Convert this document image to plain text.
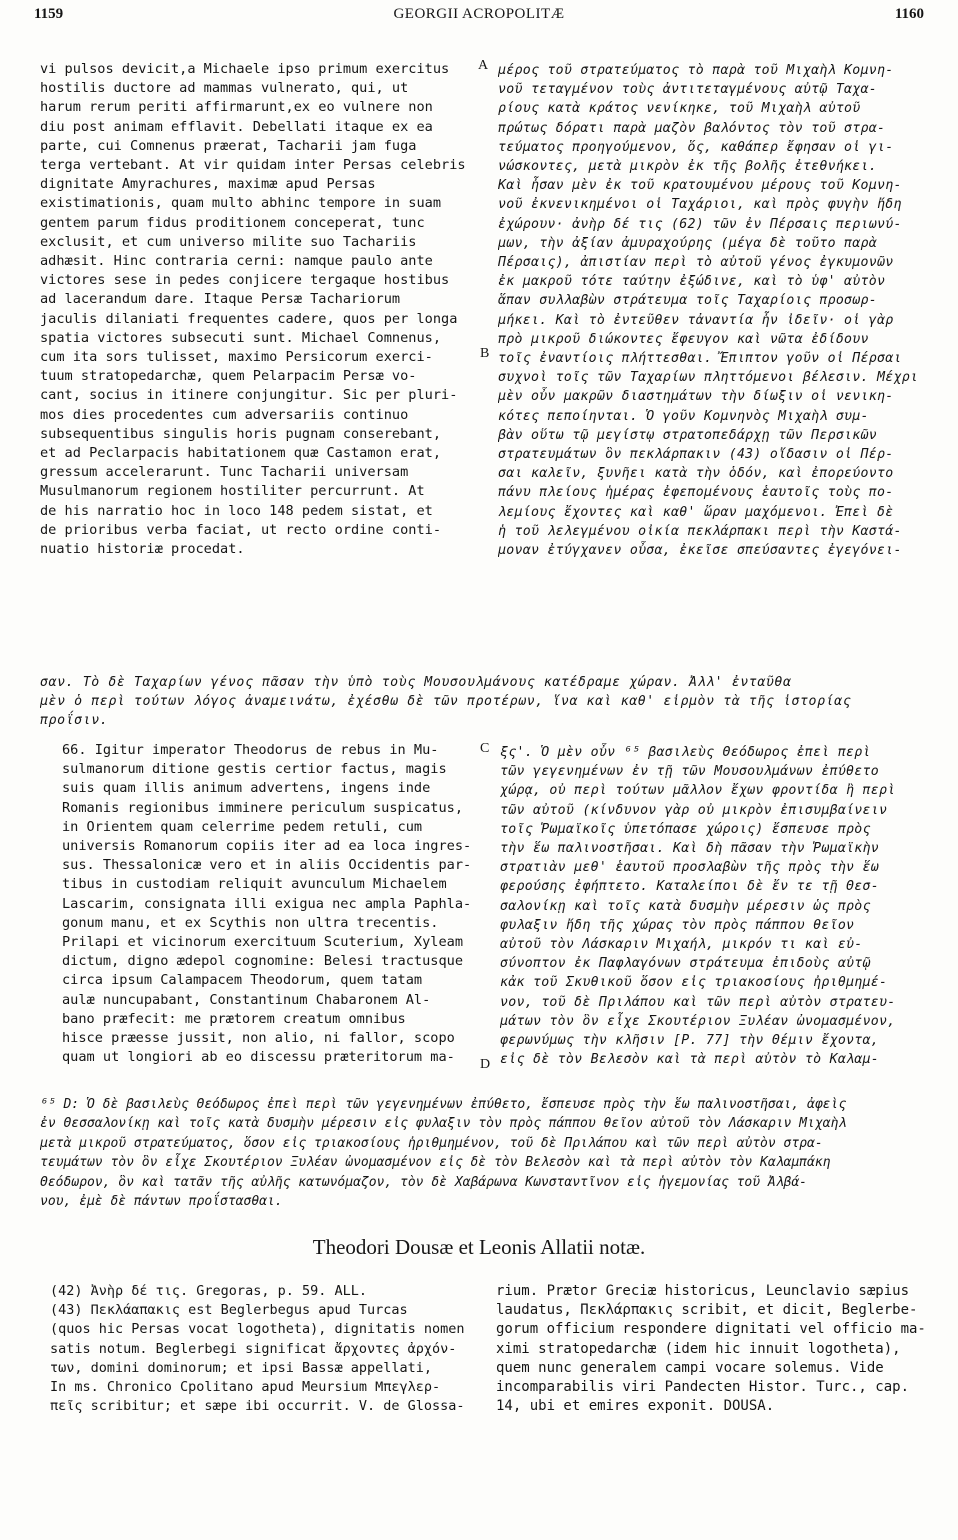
1159	GEORGII ACROPOLITÆ	1160
vi pulsos devicit,a Michaele ipso primum exercitus
hostilis ductore ad mammas vulnerato, qui, ut
harum rerum periti affirmarunt,ex eo vulnere non
diu post animam efflavit. Debellati itaque ex ea
parte, cui Comnenus præerat, Tacharii jam fuga
terga vertebant. At vir quidam inter Persas celebris
dignitate Amyrachures, maximæ apud Persas
existimationis, quam multo abhinc tempore in suam
gentem parum fidus proditionem conceperat, tunc
exclusit, et cum universo milite suo Tachariis
adhæsit. Hinc contraria cerni: namque paulo ante
victores sese in pedes conjicere tergaque hostibus
ad lacerandum dare. Itaque Persæ Tachariorum
jaculis dilaniati frequentes cadere, quos per longa
spatia victores subsecuti sunt. Michael Comnenus,
cum ita sors tulisset, maximo Persicorum exerci-
tuum stratopedarchæ, quem Pelarpacim Persæ vo-
cant, socius in itinere conjungitur. Sic per pluri-
mos dies procedentes cum adversariis continuo
subsequentibus singulis horis pugnam conserebant,
et ad Peclarpacis habitationem quæ Castamon erat,
gressum accelerarunt. Tunc Tacharii universam
Musulmanorum regionem hostiliter percurrunt. At
de his narratio hoc in loco 148 pedem sistat, et
de prioribus verba faciat, ut recto ordine conti-
nuatio historiæ procedat.
A
B
μέρος τοῦ στρατεύματος τὸ παρὰ τοῦ Μιχαὴλ Κομνη-
νοῦ τεταγμένον τοὺς ἀντιτεταγμένους αὐτῷ Ταχα-
ρίους κατὰ κράτος νενίκηκε, τοῦ Μιχαὴλ αὐτοῦ
πρώτως δόρατι παρὰ μαζὸν βαλόντος τὸν τοῦ στρα-
τεύματος προηγούμενον, ὅς, καθάπερ ἔφησαν οἱ γι-
νώσκοντες, μετὰ μικρὸν ἐκ τῆς βολῆς ἐτεθνήκει.
Καὶ ἦσαν μὲν ἐκ τοῦ κρατουμένου μέρους τοῦ Κομνη-
νοῦ ἐκνενικημένοι οἱ Ταχάριοι, καὶ πρὸς φυγὴν ἤδη
ἐχώρουν· ἀνὴρ δέ τις (62) τῶν ἐν Πέρσαις περιωνύ-
μων, τὴν ἀξίαν ἀμυραχούρης (μέγα δὲ τοῦτο παρὰ
Πέρσαις), ἀπιστίαν περὶ τὸ αὐτοῦ γένος ἐγκυμονῶν
ἐκ μακροῦ τότε ταύτην ἐξώδινε, καὶ τὸ ὑφ' αὐτὸν
ἅπαν συλλαβὼν στράτευμα τοῖς Ταχαρίοις προσωρ-
μήκει. Καὶ τὸ ἐντεῦθεν τἀναντία ἦν ἰδεῖν· οἱ γὰρ
πρὸ μικροῦ διώκοντες ἔφευγον καὶ νῶτα ἐδίδουν
τοῖς ἐναντίοις πλήττεσθαι. Ἔπιπτον γοῦν οἱ Πέρσαι
συχνοὶ τοῖς τῶν Ταχαρίων πληττόμενοι βέλεσιν. Μέχρι
μὲν οὖν μακρῶν διαστημάτων τὴν δίωξιν οἱ νενικη-
κότες πεποίηνται. Ὁ γοῦν Κομνηνὸς Μιχαὴλ συμ-
βὰν οὕτω τῷ μεγίστῳ στρατοπεδάρχῃ τῶν Περσικῶν
στρατευμάτων ὃν πεκλάρπακιν (43) οἴδασιν οἱ Πέρ-
σαι καλεῖν, ξυνῆει κατὰ τὴν ὁδόν, καὶ ἐπορεύοντο
πάνυ πλείους ἡμέρας ἐφεπομένους ἑαυτοῖς τοὺς πο-
λεμίους ἔχοντες καὶ καθ' ὥραν μαχόμενοι. Ἐπεὶ δὲ
ἡ τοῦ λελεγμένου οἰκία πεκλάρπακι περὶ τὴν Καστά-
μοναν ἐτύγχανεν οὖσα, ἐκεῖσε σπεύσαντες ἐγεγόνει-
σαν. Τὸ δὲ Ταχαρίων γένος πᾶσαν τὴν ὑπὸ τοὺς Μουσουλμάνους κατέδραμε χώραν. Ἀλλ' ἐνταῦθα
μὲν ὁ περὶ τούτων λόγος ἀναμεινάτω, ἐχέσθω δὲ τῶν προτέρων, ἵνα καὶ καθ' εἱρμὸν τὰ τῆς ἱστορίας
προΐσιν.
66. Igitur imperator Theodorus de rebus in Mu-
sulmanorum ditione gestis certior factus, magis
suis quam illis animum advertens, ingens inde
Romanis regionibus imminere periculum suspicatus,
in Orientem quam celerrime pedem retuli, cum
universis Romanorum copiis iter ad ea loca ingres-
sus. Thessalonicæ vero et in aliis Occidentis par-
tibus in custodiam reliquit avunculum Michaelem
Lascarim, consignata illi exigua nec ampla Paphla-
gonum manu, et ex Scythis non ultra trecentis.
Prilapi et vicinorum exercituum Scuterium, Xyleam
dictum, digno ædepol cognomine: Belesi tractusque
circa ipsum Calampacem Theodorum, quem tatam
aulæ nuncupabant, Constantinum Chabaronem Al-
bano præfecit: me prætorem creatum omnibus
hisce præesse jussit, non alio, ni fallor, scopo
quam ut longiori ab eo discessu præteritorum ma-
C
D
ξς'. Ὁ μὲν οὖν ⁶⁵ βασιλεὺς Θεόδωρος ἐπεὶ περὶ
τῶν γεγενημένων ἐν τῇ τῶν Μουσουλμάνων ἐπύθετο
χώρᾳ, οὐ περὶ τούτων μᾶλλον ἔχων φροντίδα ἢ περὶ
τῶν αὐτοῦ (κίνδυνον γὰρ οὐ μικρὸν ἐπισυμβαίνειν
τοῖς Ῥωμαϊκοῖς ὑπετόπασε χώροις) ἔσπευσε πρὸς
τὴν ἕω παλινοστῆσαι. Καὶ δὴ πᾶσαν τὴν Ῥωμαϊκὴν
στρατιὰν μεθ' ἑαυτοῦ προσλαβὼν τῆς πρὸς τὴν ἕω
φερούσης ἐφήπτετο. Καταλείποι δὲ ἔν τε τῇ Θεσ-
σαλονίκῃ καὶ τοῖς κατὰ δυσμὴν μέρεσιν ὡς πρὸς
φυλαξιν ἤδη τῆς χώρας τὸν πρὸς πάππου θεῖον
αὐτοῦ τὸν Λάσκαριν Μιχαήλ, μικρόν τι καὶ εὐ-
σύνοπτον ἐκ Παφλαγόνων στράτευμα ἐπιδοὺς αὐτῷ
κἀκ τοῦ Σκυθικοῦ ὅσον εἰς τριακοσίους ἠριθμημέ-
νον, τοῦ δὲ Πριλάπου καὶ τῶν περὶ αὐτὸν στρατευ-
μάτων τὸν ὃν εἶχε Σκουτέριον Ξυλέαν ὠνομασμένον,
φερωνύμως τὴν κλῆσιν [P. 77] τὴν Θέμιν ἔχοντα,
εἰς δὲ τὸν Βελεσὸν καὶ τὰ περὶ αὐτὸν τὸ Καλαμ-
⁶⁵ D: Ὁ δὲ βασιλεὺς Θεόδωρος ἐπεὶ περὶ τῶν γεγενημένων ἐπύθετο, ἔσπευσε πρὸς τὴν ἕω παλινοστῆσαι, ἀφεὶς
ἐν Θεσσαλονίκῃ καὶ τοῖς κατὰ δυσμὴν μέρεσιν εἰς φυλαξιν τὸν πρὸς πάππου θεῖον αὐτοῦ τὸν Λάσκαριν Μιχαὴλ
μετὰ μικροῦ στρατεύματος, ὅσον εἰς τριακοσίους ἠριθμημένον, τοῦ δὲ Πριλάπου καὶ τῶν περὶ αὐτὸν στρα-
τευμάτων τὸν ὃν εἶχε Σκουτέριον Ξυλέαν ὠνομασμένον εἰς δὲ τὸν Βελεσὸν καὶ τὰ περὶ αὐτὸν τὸν Καλαμπάκη
Θεόδωρον, ὃν καὶ τατᾶν τῆς αὐλῆς κατωνόμαζον, τὸν δὲ Χαβάρωνα Κωνσταντῖνον εἰς ἡγεμονίας τοῦ Ἀλβά-
νου, ἐμὲ δὲ πάντων προΐστασθαι.
Theodori Dousæ et Leonis Allatii notæ.
(42) Ἀνὴρ δέ τις. Gregoras, p. 59. ALL.
(43) Πεκλάαπακις est Beglerbegus apud Turcas
(quos hic Persas vocat logotheta), dignitatis nomen
satis notum. Beglerbegi significat ἄρχοντες ἀρχόν-
των, domini dominorum; et ipsi Bassæ appellati,
In ms. Chronico Cpolitano apud Meursium Μπεγλερ-
πεῖς scribitur; et sæpe ibi occurrit. V. de Glossa-
rium. Prætor Greciæ historicus, Leunclavio sæpius
laudatus, Πεκλάρπακις scribit, et dicit, Beglerbe-
gorum officium respondere dignitati vel officio ma-
ximi stratopedarchæ (idem hic innuit logotheta),
quem nunc generalem campi vocare solemus. Vide
incomparabilis viri Pandecten Histor. Turc., cap.
14, ubi et emires exponit. DOUSA.
